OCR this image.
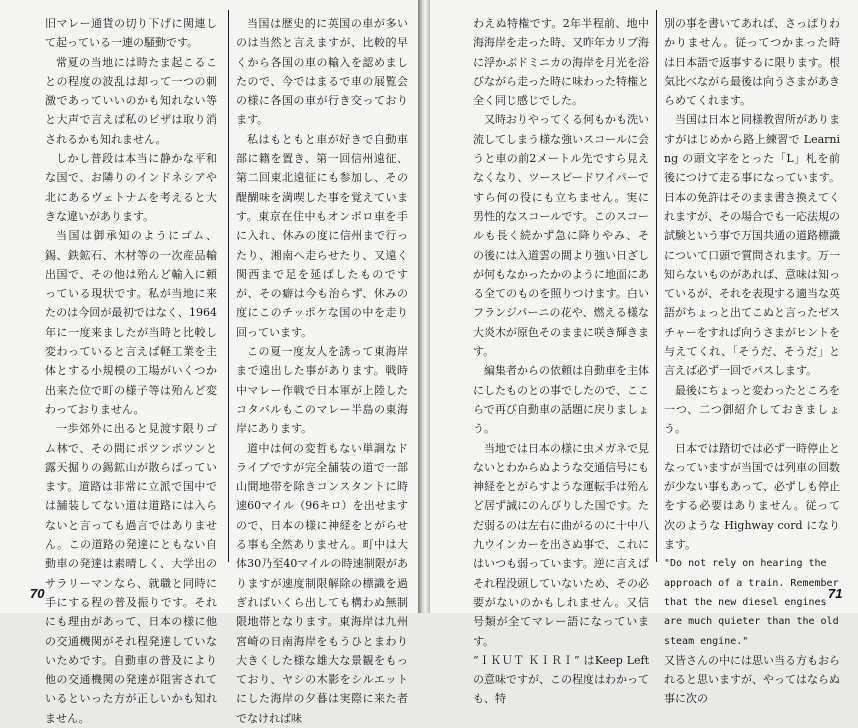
旧マレー通貨の切り下げに関連して起っている一連の騒動です。

常夏の当地には時たま起こることの程度の波乱は却って一つの刺激であっていいのかも知れない等と大声で言えば私のビザは取り消されるかも知れません。

しかし普段は本当に静かな平和な国で、お隣りのインドネシアや北にあるヴェトナムを考えると大きな違いがあります。

当国は御承知のようにゴム、錫、鉄鉱石、木材等の一次産品輸出国で、その他は殆んど輸入に頼っている現状です。私が当地に来たのは今回が最初ではなく、1964年に一度来ましたが当時と比較し変わっていると言えば軽工業を主体とする小規模の工場がいくつか出来た位で町の様子等は殆んど変わっておりません。

一歩郊外に出ると見渡す限りゴム林で、その間にポツンポツンと露天掘りの錫鉱山が散らばっています。道路は非常に立派で国中では舗装してない道は道路には入らないと言っても過言ではありません。この道路の発達にともない自動車の発達は素晴しく、大学出のサラリーマンなら、就職と同時に手にする程の普及振りです。それにも理由があって、日本の様に他の交通機関がそれ程発達していないためです。自動車の普及により他の交通機関の発達が阻害されているといった方が正しいかも知れません。

当国は歴史的に英国の車が多いのは当然と言えますが、比較的早くから各国の車の輸入を認めましたので、今ではまるで車の展覧会の様に各国の車が行き交っております。

私はもともと車が好きで自動車部に籍を置き、第一回信州遠征、第二回東北遠征にも参加し、その醍醐味を満喫した事を覚えています。東京在住中もオンボロ車を手に入れ、休みの度に信州まで行ったり、湘南へ走らせたり、又遠く関西まで足を延ばしたものですが、その癖は今も治らず、休みの度にこのチッポケな国の中を走り回っています。

この夏一度友人を誘って東海岸まで遠出した事があります。戦時中マレー作戦で日本軍が上陸したコタバルもこのマレー半島の東海岸にあります。

道中は何の変哲もない単調なドライブですが完全舗装の道で一部山間地帯を除きコンスタントに時速60マイル（96キロ）を出せますので、日本の様に神経をとがらせる事も全然ありません。町中は大体30乃至40マイルの時速制限がありますが速度制限解除の標識を過ぎればいくら出しても構わぬ無制限地帯となります。東海岸は九州宮崎の日南海岸をもうひとまわり大きくした様な雄大な景観をもっており、ヤシの木影をシルエットにした海岸の夕暮は実際に来た者でなければ味

70

わえぬ特権です。2年半程前、地中海海岸を走った時、又昨年カリブ海に浮かぶドミニカの海岸を月光を浴びながら走った時に味わった特権と全く同じ感じでした。

又時おりやってくる何もかも洗い流してしまう様な強いスコールに会うと車の前2メートル先ですら見えなくなり、ツースピードワイパーですら何の役にも立ちません。実に男性的なスコールです。このスコールも長く続かず急に降りやみ、その後には入道雲の間より強い日ざしが何もなかったかのように地面にある全てのものを照りつけます。白いフランジパーニの花や、燃える様な大炎木が原色そのままに咲き輝きます。

編集者からの依頼は自動車を主体にしたものとの事でしたので、ここらで再び自動車の話題に戻りましょう。

当地では日本の様に虫メガネで見ないとわからぬような交通信号にも神経をとがらすような運転手は殆んど居ず誠にのんびりした国です。ただ弱るのは左右に曲がるのに十中八九ウインカーを出さぬ事で、これにはいつも弱っています。逆に言えばそれ程没頭していないため、その必要がないのかもしれません。又信号類が全てマレー語になっています。

“ＩＫＵＴ ＫＩＲＩ” はKeep Leftの意味ですが、この程度はわかっても、特

別の事を書いてあれば、さっぱりわかりません。従ってつかまった時は日本語で返事するに限ります。根気比べながら最後は向うさまがあきらめてくれます。

当国は日本と同様教習所がありますがはじめから路上練習で Learning の頭文字をとった「L」札を前後につけて走る事になっています。日本の免許はそのまま書き換えてくれますが、その場合でも一応法規の試験という事で万国共通の道路標識について口頭で質問されます。万一知らないものがあれば、意味は知っているが、それを表現する適当な英語がちょっと出てこぬと言ったゼスチャーをすれば向うさまがヒントを与えてくれ、「そうだ、そうだ」と言えば必ず一回でパスします。

最後にちょっと変わったところを一つ、二つ御紹介しておきましょう。

日本では踏切では必ず一時停止となっていますが当国では列車の回数が少ない事もあって、必ずしも停止をする必要はありません。従って次のような Highway cord になります。

"Do not rely on hearing the approach of a train. Remember that the new diesel engines are much quieter than the old steam engine."

又皆さんの中には思い当る方もおられると思いますが、やってはならぬ事に次の

71
